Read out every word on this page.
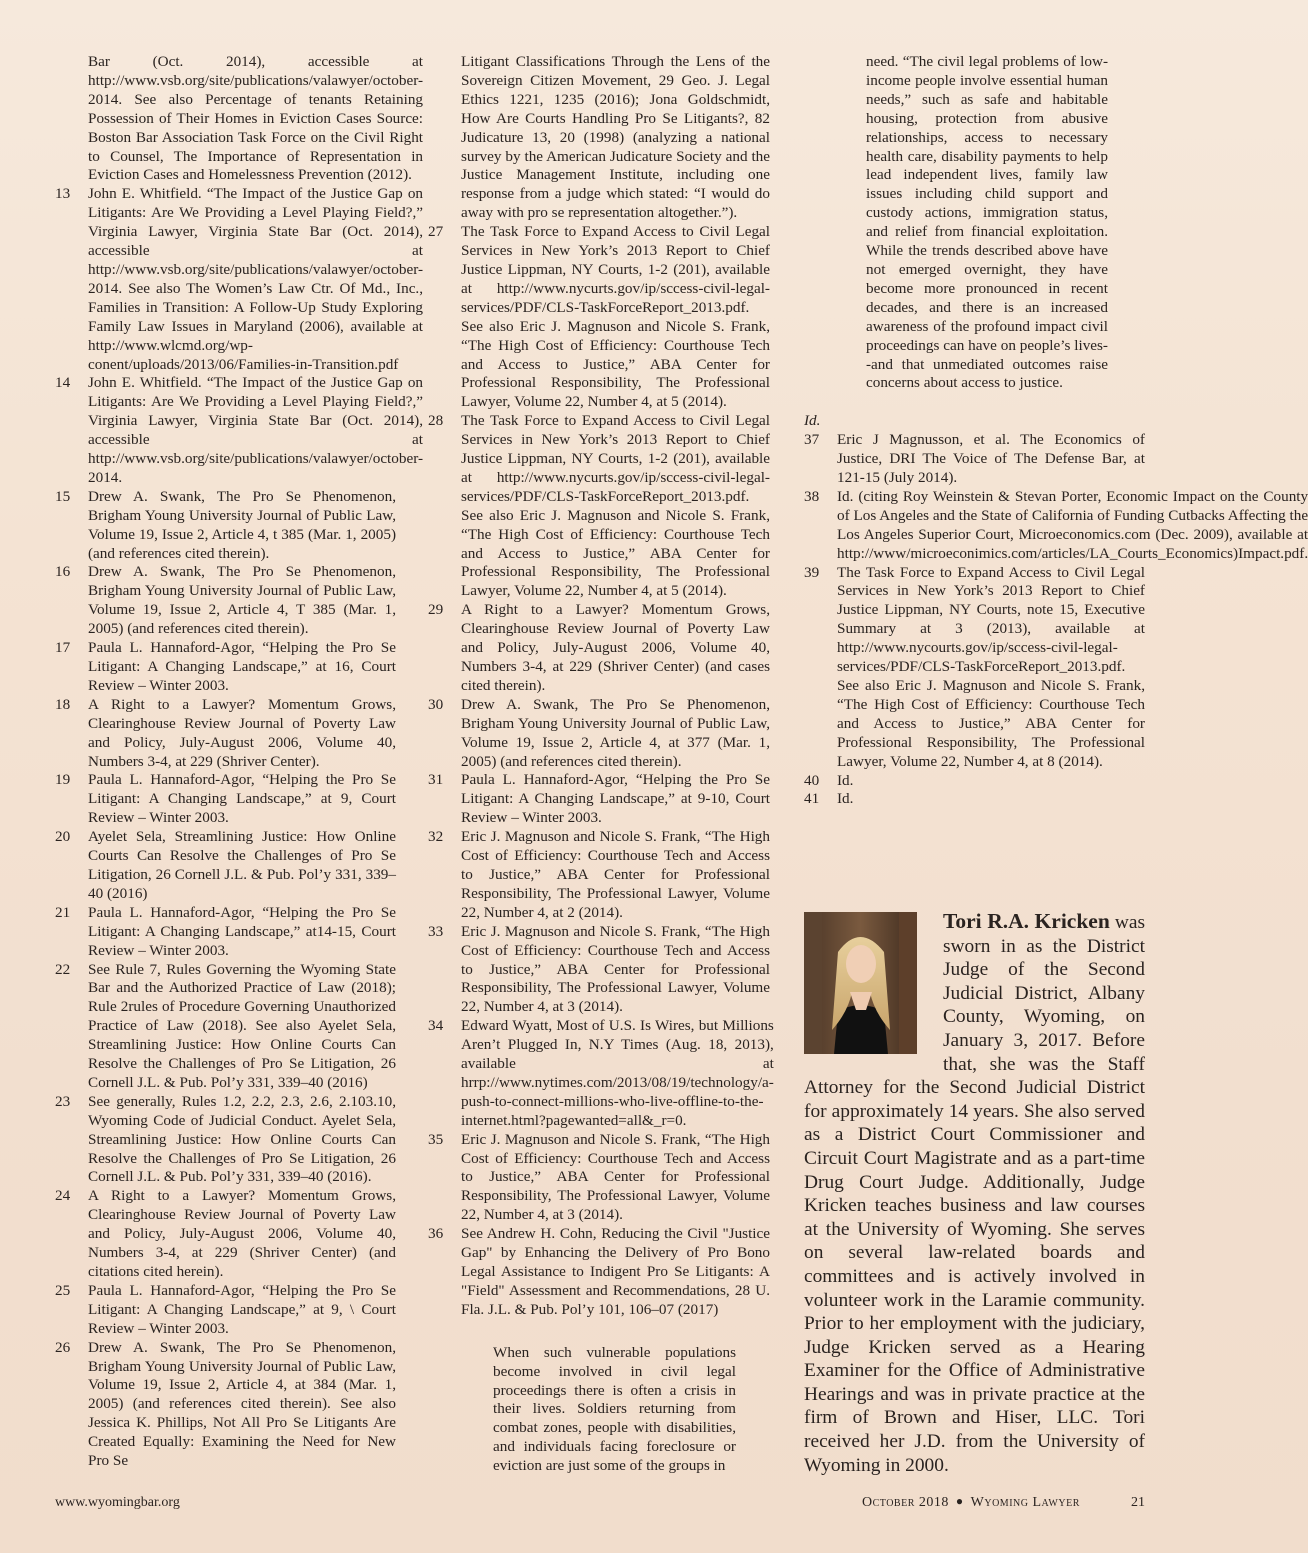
Bar (Oct. 2014), accessible at http://www.vsb.org/site/publications/valawyer/october-2014. See also Percentage of tenants Retaining Possession of Their Homes in Eviction Cases Source: Boston Bar Association Task Force on the Civil Right to Counsel, The Importance of Representation in Eviction Cases and Homelessness Prevention (2012).
13	John E. Whitfield. “The Impact of the Justice Gap on Litigants: Are We Providing a Level Playing Field?,” Virginia Lawyer, Virginia State Bar (Oct. 2014), accessible at http://www.vsb.org/site/publications/valawyer/october-2014. See also The Women’s Law Ctr. Of Md., Inc., Families in Transition: A Follow-Up Study Exploring Family Law Issues in Maryland (2006), available at http://www.wlcmd.org/wp-conent/uploads/2013/06/Families-in-Transition.pdf
14	John E. Whitfield. “The Impact of the Justice Gap on Litigants: Are We Providing a Level Playing Field?,” Virginia Lawyer, Virginia State Bar (Oct. 2014), accessible at http://www.vsb.org/site/publications/valawyer/october-2014.
15	Drew A. Swank, The Pro Se Phenomenon, Brigham Young University Journal of Public Law, Volume 19, Issue 2, Article 4, t 385 (Mar. 1, 2005) (and references cited therein).
16	Drew A. Swank, The Pro Se Phenomenon, Brigham Young University Journal of Public Law, Volume 19, Issue 2, Article 4, T 385 (Mar. 1, 2005) (and references cited therein).
17	Paula L. Hannaford-Agor, “Helping the Pro Se Litigant: A Changing Landscape,” at 16, Court Review – Winter 2003.
18	A Right to a Lawyer? Momentum Grows, Clearinghouse Review Journal of Poverty Law and Policy, July-August 2006, Volume 40, Numbers 3-4, at 229 (Shriver Center).
19	Paula L. Hannaford-Agor, “Helping the Pro Se Litigant: A Changing Landscape,” at 9, Court Review – Winter 2003.
20	Ayelet Sela, Streamlining Justice: How Online Courts Can Resolve the Challenges of Pro Se Litigation, 26 Cornell J.L. & Pub. Pol’y 331, 339–40 (2016)
21	Paula L. Hannaford-Agor, “Helping the Pro Se Litigant: A Changing Landscape,” at14-15, Court Review – Winter 2003.
22	See Rule 7, Rules Governing the Wyoming State Bar and the Authorized Practice of Law (2018); Rule 2rules of Procedure Governing Unauthorized Practice of Law (2018). See also Ayelet Sela, Streamlining Justice: How Online Courts Can Resolve the Challenges of Pro Se Litigation, 26 Cornell J.L. & Pub. Pol’y 331, 339–40 (2016)
23	See generally, Rules 1.2, 2.2, 2.3, 2.6, 2.103.10, Wyoming Code of Judicial Conduct. Ayelet Sela, Streamlining Justice: How Online Courts Can Resolve the Challenges of Pro Se Litigation, 26 Cornell J.L. & Pub. Pol’y 331, 339–40 (2016).
24	A Right to a Lawyer? Momentum Grows, Clearinghouse Review Journal of Poverty Law and Policy, July-August 2006, Volume 40, Numbers 3-4, at 229 (Shriver Center) (and citations cited herein).
25	Paula L. Hannaford-Agor, “Helping the Pro Se Litigant: A Changing Landscape,” at 9, \ Court Review – Winter 2003.
26	Drew A. Swank, The Pro Se Phenomenon, Brigham Young University Journal of Public Law, Volume 19, Issue 2, Article 4, at 384 (Mar. 1, 2005) (and references cited therein). See also Jessica K. Phillips, Not All Pro Se Litigants Are Created Equally: Examining the Need for New Pro Se
Litigant Classifications Through the Lens of the Sovereign Citizen Movement, 29 Geo. J. Legal Ethics 1221, 1235 (2016); Jona Goldschmidt, How Are Courts Handling Pro Se Litigants?, 82 Judicature 13, 20 (1998) (analyzing a national survey by the American Judicature Society and the Justice Management Institute, including one response from a judge which stated: “I would do away with pro se representation altogether.”).
27	The Task Force to Expand Access to Civil Legal Services in New York’s 2013 Report to Chief Justice Lippman, NY Courts, 1-2 (201), available at http://www.nycurts.gov/ip/sccess-civil-legal-services/PDF/CLS-TaskForceReport_2013.pdf. See also Eric J. Magnuson and Nicole S. Frank, “The High Cost of Efficiency: Courthouse Tech and Access to Justice,” ABA Center for Professional Responsibility, The Professional Lawyer, Volume 22, Number 4, at 5 (2014).
28	The Task Force to Expand Access to Civil Legal Services in New York’s 2013 Report to Chief Justice Lippman, NY Courts, 1-2 (201), available at http://www.nycurts.gov/ip/sccess-civil-legal-services/PDF/CLS-TaskForceReport_2013.pdf. See also Eric J. Magnuson and Nicole S. Frank, “The High Cost of Efficiency: Courthouse Tech and Access to Justice,” ABA Center for Professional Responsibility, The Professional Lawyer, Volume 22, Number 4, at 5 (2014).
29	A Right to a Lawyer? Momentum Grows, Clearinghouse Review Journal of Poverty Law and Policy, July-August 2006, Volume 40, Numbers 3-4, at 229 (Shriver Center) (and cases cited therein).
30	Drew A. Swank, The Pro Se Phenomenon, Brigham Young University Journal of Public Law, Volume 19, Issue 2, Article 4, at 377 (Mar. 1, 2005) (and references cited therein).
31	Paula L. Hannaford-Agor, “Helping the Pro Se Litigant: A Changing Landscape,” at 9-10, Court Review – Winter 2003.
32	Eric J. Magnuson and Nicole S. Frank, “The High Cost of Efficiency: Courthouse Tech and Access to Justice,” ABA Center for Professional Responsibility, The Professional Lawyer, Volume 22, Number 4, at 2 (2014).
33	Eric J. Magnuson and Nicole S. Frank, “The High Cost of Efficiency: Courthouse Tech and Access to Justice,” ABA Center for Professional Responsibility, The Professional Lawyer, Volume 22, Number 4, at 3 (2014).
34	Edward Wyatt, Most of U.S. Is Wires, but Millions Aren’t Plugged In, N.Y Times (Aug. 18, 2013), available at hrrp://www.nytimes.com/2013/08/19/technology/a-push-to-connect-millions-who-live-offline-to-the-internet.html?pagewanted=all&_r=0.
35	Eric J. Magnuson and Nicole S. Frank, “The High Cost of Efficiency: Courthouse Tech and Access to Justice,” ABA Center for Professional Responsibility, The Professional Lawyer, Volume 22, Number 4, at 3 (2014).
36	See Andrew H. Cohn, Reducing the Civil "Justice Gap" by Enhancing the Delivery of Pro Bono Legal Assistance to Indigent Pro Se Litigants: A "Field" Assessment and Recommendations, 28 U. Fla. J.L. & Pub. Pol’y 101, 106–07 (2017)
When such vulnerable populations become involved in civil legal proceedings there is often a crisis in their lives. Soldiers returning from combat zones, people with disabilities, and individuals facing foreclosure or eviction are just some of the groups in
need. “The civil legal problems of low-income people involve essential human needs,” such as safe and habitable housing, protection from abusive relationships, access to necessary health care, disability payments to help lead independent lives, family law issues including child support and custody actions, immigration status, and relief from financial exploitation. While the trends described above have not emerged overnight, they have become more pronounced in recent decades, and there is an increased awareness of the profound impact civil proceedings can have on people’s lives--and that unmediated outcomes raise concerns about access to justice.
Id.
37	Eric J Magnusson, et al. The Economics of Justice, DRI The Voice of The Defense Bar, at 121-15 (July 2014).
38	Id. (citing Roy Weinstein & Stevan Porter, Economic Impact on the County of Los Angeles and the State of California of Funding Cutbacks Affecting the Los Angeles Superior Court, Microeconomics.com (Dec. 2009), available at http://www/microeconimics.com/articles/LA_Courts_Economics)Impact.pdf.
39	The Task Force to Expand Access to Civil Legal Services in New York’s 2013 Report to Chief Justice Lippman, NY Courts, note 15, Executive Summary at 3 (2013), available at http://www.nycourts.gov/ip/sccess-civil-legal-services/PDF/CLS-TaskForceReport_2013.pdf. See also Eric J. Magnuson and Nicole S. Frank, “The High Cost of Efficiency: Courthouse Tech and Access to Justice,” ABA Center for Professional Responsibility, The Professional Lawyer, Volume 22, Number 4, at 8 (2014).
40	Id.
41	Id.
Tori R.A. Kricken was sworn in as the District Judge of the Second Judicial District, Albany County, Wyoming, on January 3, 2017. Before that, she was the Staff Attorney for the Second Judicial District for approximately 14 years. She also served as a District Court Commissioner and Circuit Court Magistrate and as a part-time Drug Court Judge. Additionally, Judge Kricken teaches business and law courses at the University of Wyoming. She serves on several law-related boards and committees and is actively involved in volunteer work in the Laramie community. Prior to her employment with the judiciary, Judge Kricken served as a Hearing Examiner for the Office of Administrative Hearings and was in private practice at the firm of Brown and Hiser, LLC. Tori received her J.D. from the University of Wyoming in 2000.
www.wyomingbar.org	October 2018 ● Wyoming Lawyer	21
